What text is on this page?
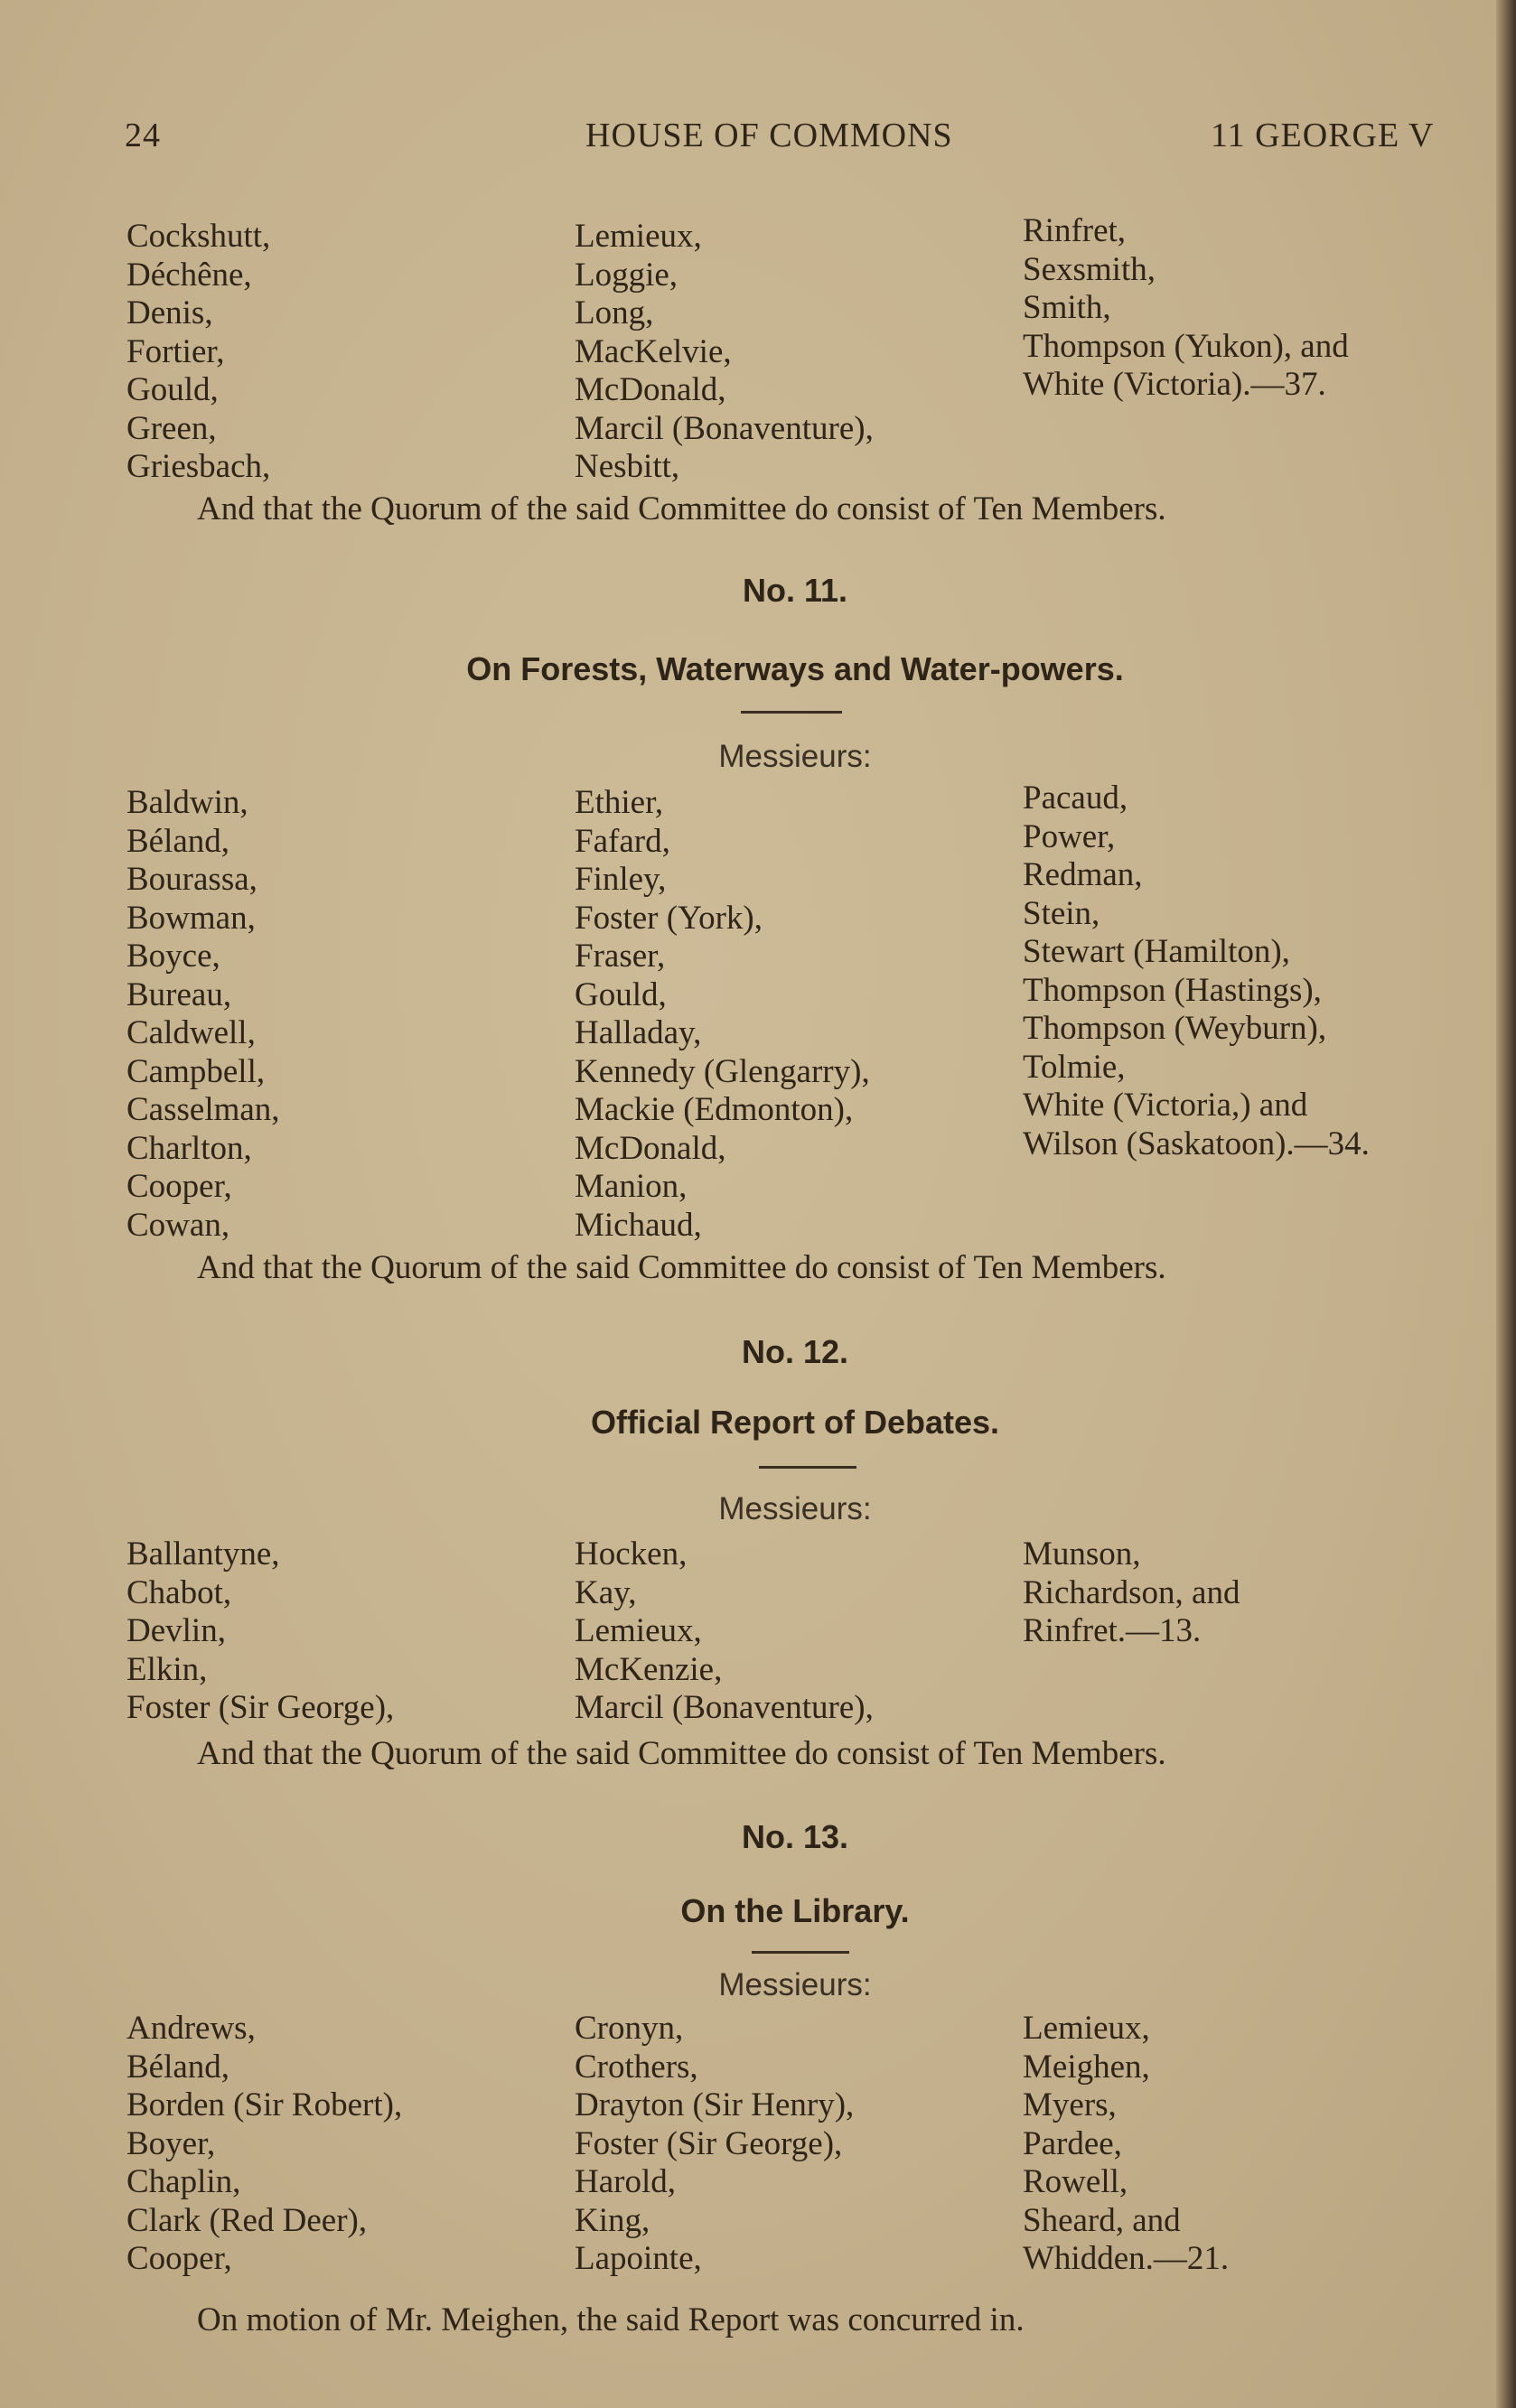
24	HOUSE OF COMMONS	11 GEORGE V
Cockshutt,
Déchêne,
Denis,
Fortier,
Gould,
Green,
Griesbach,
Lemieux,
Loggie,
Long,
MacKelvie,
McDonald,
Marcil (Bonaventure),
Nesbitt,
Rinfret,
Sexsmith,
Smith,
Thompson (Yukon), and
White (Victoria).—37.
And that the Quorum of the said Committee do consist of Ten Members.
No. 11.
On Forests, Waterways and Water-powers.
Messieurs:
Baldwin,
Béland,
Bourassa,
Bowman,
Boyce,
Bureau,
Caldwell,
Campbell,
Casselman,
Charlton,
Cooper,
Cowan,
Ethier,
Fafard,
Finley,
Foster (York),
Fraser,
Gould,
Halladay,
Kennedy (Glengarry),
Mackie (Edmonton),
McDonald,
Manion,
Michaud,
Pacaud,
Power,
Redman,
Stein,
Stewart (Hamilton),
Thompson (Hastings),
Thompson (Weyburn),
Tolmie,
White (Victoria,) and
Wilson (Saskatoon).—34.
And that the Quorum of the said Committee do consist of Ten Members.
No. 12.
Official Report of Debates.
Messieurs:
Ballantyne,
Chabot,
Devlin,
Elkin,
Foster (Sir George),
Hocken,
Kay,
Lemieux,
McKenzie,
Marcil (Bonaventure),
Munson,
Richardson, and
Rinfret.—13.
And that the Quorum of the said Committee do consist of Ten Members.
No. 13.
On the Library.
Messieurs:
Andrews,
Béland,
Borden (Sir Robert),
Boyer,
Chaplin,
Clark (Red Deer),
Cooper,
Cronyn,
Crothers,
Drayton (Sir Henry),
Foster (Sir George),
Harold,
King,
Lapointe,
Lemieux,
Meighen,
Myers,
Pardee,
Rowell,
Sheard, and
Whidden.—21.
On motion of Mr. Meighen, the said Report was concurred in.
